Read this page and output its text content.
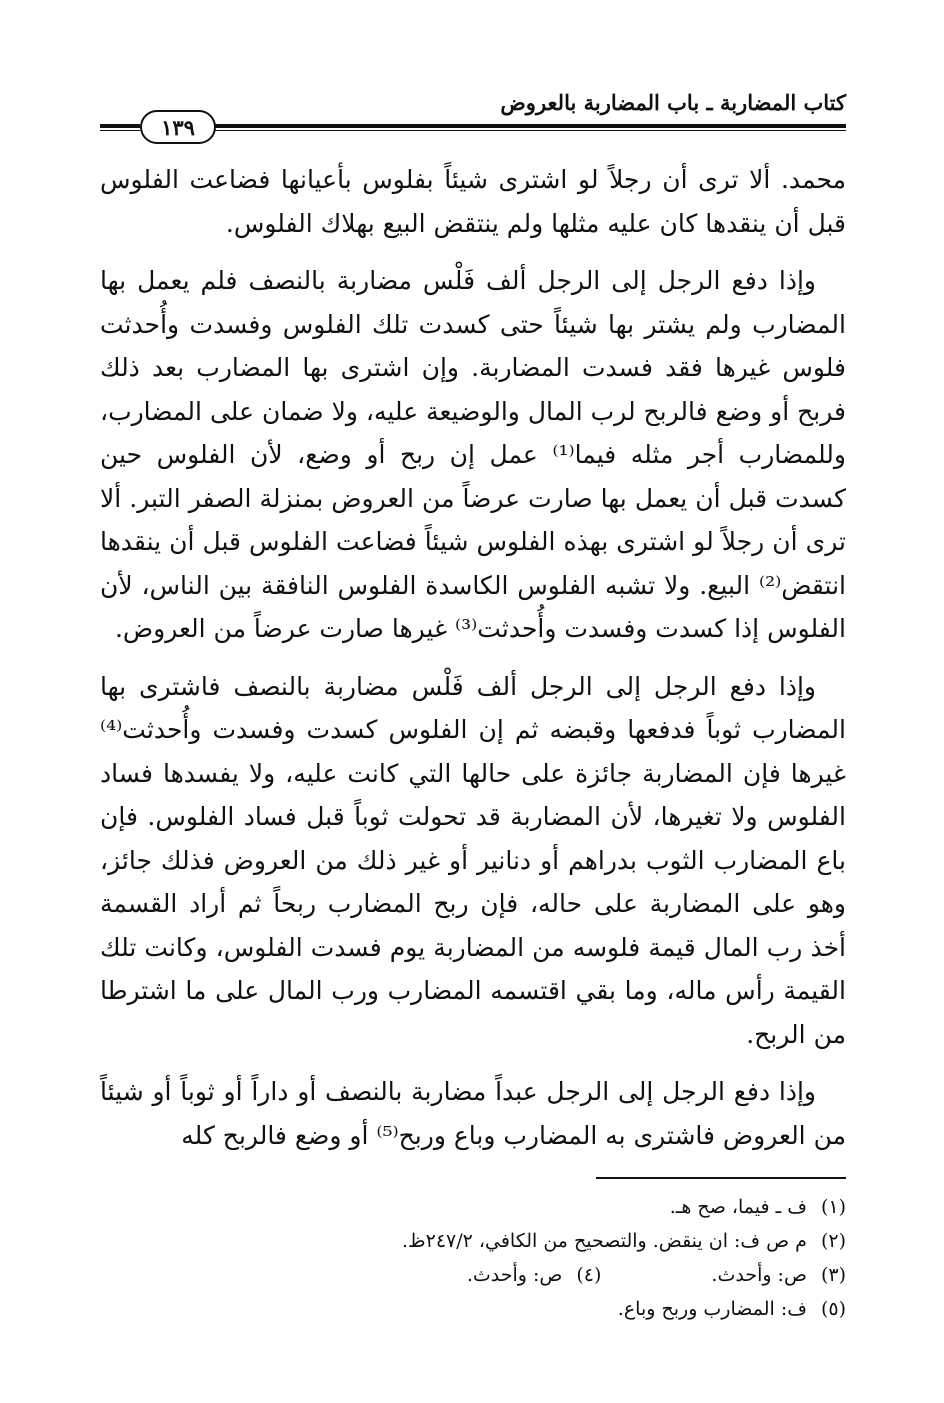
كتاب المضاربة ـ باب المضاربة بالعروض
١٣٩

محمد. ألا ترى أن رجلاً لو اشترى شيئاً بفلوس بأعيانها فضاعت الفلوس قبل أن ينقدها كان عليه مثلها ولم ينتقض البيع بهلاك الفلوس.

وإذا دفع الرجل إلى الرجل ألف فَلْس مضاربة بالنصف فلم يعمل بها المضارب ولم يشتر بها شيئاً حتى كسدت تلك الفلوس وفسدت وأُحدثت فلوس غيرها فقد فسدت المضاربة. وإن اشترى بها المضارب بعد ذلك فربح أو وضع فالربح لرب المال والوضيعة عليه، ولا ضمان على المضارب، وللمضارب أجر مثله فيما⁽¹⁾ عمل إن ربح أو وضع، لأن الفلوس حين كسدت قبل أن يعمل بها صارت عرضاً من العروض بمنزلة الصفر التبر. ألا ترى أن رجلاً لو اشترى بهذه الفلوس شيئاً فضاعت الفلوس قبل أن ينقدها انتقض⁽²⁾ البيع. ولا تشبه الفلوس الكاسدة الفلوس النافقة بين الناس، لأن الفلوس إذا كسدت وفسدت وأُحدثت⁽³⁾ غيرها صارت عرضاً من العروض.

وإذا دفع الرجل إلى الرجل ألف فَلْس مضاربة بالنصف فاشترى بها المضارب ثوباً فدفعها وقبضه ثم إن الفلوس كسدت وفسدت وأُحدثت⁽⁴⁾ غيرها فإن المضاربة جائزة على حالها التي كانت عليه، ولا يفسدها فساد الفلوس ولا تغيرها، لأن المضاربة قد تحولت ثوباً قبل فساد الفلوس. فإن باع المضارب الثوب بدراهم أو دنانير أو غير ذلك من العروض فذلك جائز، وهو على المضاربة على حاله، فإن ربح المضارب ربحاً ثم أراد القسمة أخذ رب المال قيمة فلوسه من المضاربة يوم فسدت الفلوس، وكانت تلك القيمة رأس ماله، وما بقي اقتسمه المضارب ورب المال على ما اشترطا من الربح.

وإذا دفع الرجل إلى الرجل عبداً مضاربة بالنصف أو داراً أو ثوباً أو شيئاً من العروض فاشترى به المضارب وباع وربح⁽⁵⁾ أو وضع فالربح كله

(١)
ف ـ فيما، صح هـ.
(٢)
م ص ف: ان ينقض. والتصحيح من الكافي، ٢٤٧/٢ظ.
(٣)
ص: وأحدث.
(٤)
ص: وأحدث.
(٥)
ف: المضارب وربح وباع.
